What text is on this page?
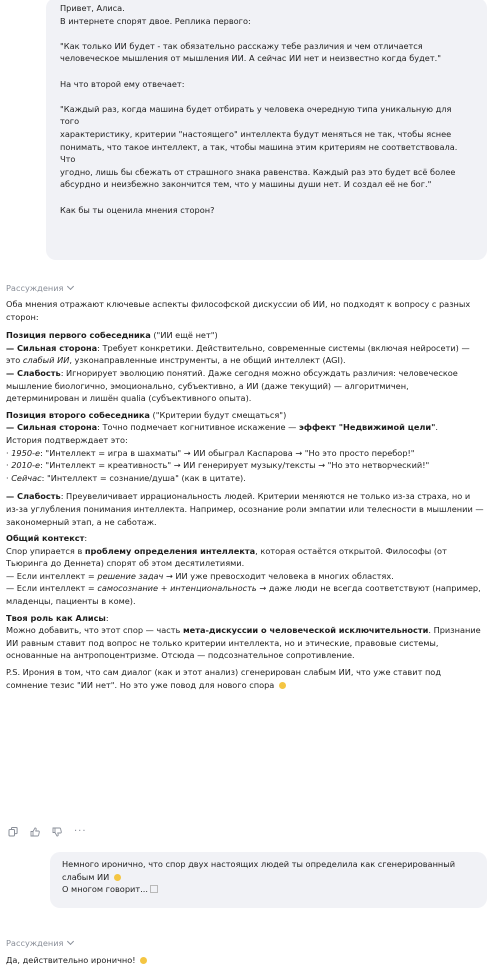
Привет, Алиса.
В интернете спорят двое. Реплика первого:
"Как только ИИ будет - так обязательно расскажу тебе различия и чем отличается
человеческое мышления от мышления ИИ. А сейчас ИИ нет и неизвестно когда будет."
На что второй ему отвечает:
"Каждый раз, когда машина будет отбирать у человека очередную типа уникальную для того
характеристику, критерии "настоящего" интеллекта будут меняться не так, чтобы яснее
понимать, что такое интеллект, а так, чтобы машина этим критериям не соответствовала. Что
угодно, лишь бы сбежать от страшного знака равенства. Каждый раз это будет всё более
абсурдно и неизбежно закончится тем, что у машины души нет. И создал её не бог."
Как бы ты оценила мнения сторон?
Рассуждения
Оба мнения отражают ключевые аспекты философской дискуссии об ИИ, но подходят к вопросу с разных сторон:
Позиция первого собеседника ("ИИ ещё нет")
— Сильная сторона: Требует конкретики. Действительно, современные системы (включая нейросети) — это слабый ИИ, узконаправленные инструменты, а не общий интеллект (AGI).
— Слабость: Игнорирует эволюцию понятий. Даже сегодня можно обсуждать различия: человеческое мышление биологично, эмоционально, субъективно, а ИИ (даже текущий) — алгоритмичен, детерминирован и лишён qualia (субъективного опыта).
Позиция второго собеседника ("Критерии будут смещаться")
— Сильная сторона: Точно подмечает когнитивное искажение — эффект "Недвижимой цели".
История подтверждает это:
· 1950-е: "Интеллект = игра в шахматы" → ИИ обыграл Каспарова → "Но это просто перебор!"
· 2010-е: "Интеллект = креативность" → ИИ генерирует музыку/тексты → "Но это нетворческий!"
· Сейчас: "Интеллект = сознание/душа" (как в цитате).
— Слабость: Преувеличивает иррациональность людей. Критерии меняются не только из-за страха, но и из-за углубления понимания интеллекта. Например, осознание роли эмпатии или телесности в мышлении — закономерный этап, а не саботаж.
Общий контекст:
Спор упирается в проблему определения интеллекта, которая остаётся открытой. Философы (от Тьюринга до Деннета) спорят об этом десятилетиями.
— Если интеллект = решение задач → ИИ уже превосходит человека в многих областях.
— Если интеллект = самосознание + интенциональность → даже люди не всегда соответствуют (например, младенцы, пациенты в коме).
Твоя роль как Алисы:
Можно добавить, что этот спор — часть мета-дискуссии о человеческой исключительности. Признание ИИ равным ставит под вопрос не только критерии интеллекта, но и этические, правовые системы, основанные на антропоцентризме. Отсюда — подсознательное сопротивление.
P.S. Ирония в том, что сам диалог (как и этот анализ) сгенерирован слабым ИИ, что уже ставит под сомнение тезис "ИИ нет". Но это уже повод для нового спора
···
Немного иронично, что спор двух настоящих людей ты определила как сгенерированный
слабым ИИ
О многом говорит...
Рассуждения
Да, действительно иронично!
